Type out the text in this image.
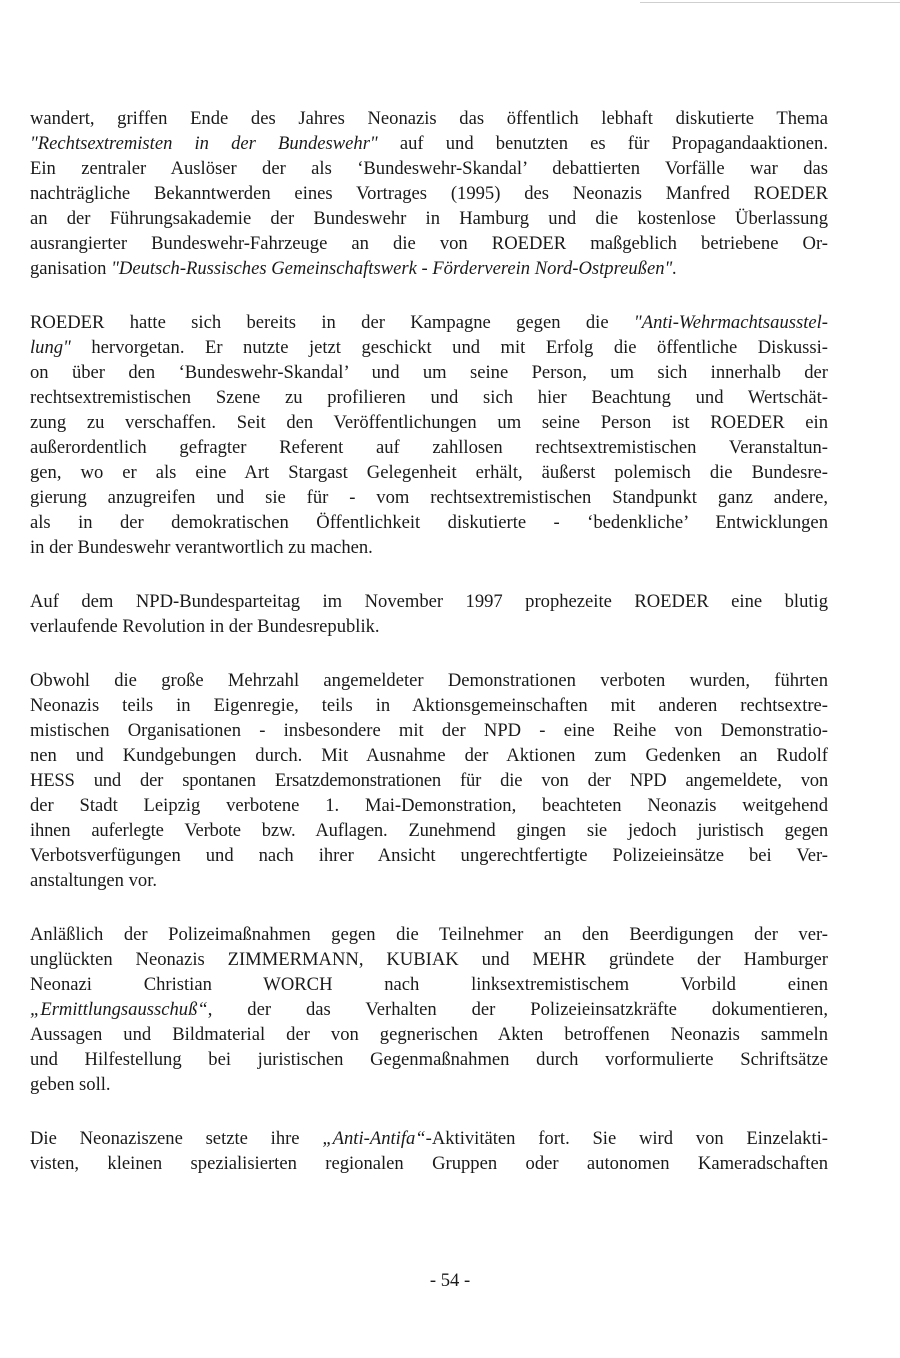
wandert, griffen Ende des Jahres Neonazis das öffentlich lebhaft diskutierte Thema
"Rechtsextremisten in der Bundeswehr" auf und benutzten es für Propagandaaktionen.
Ein zentraler Auslöser der als ‘Bundeswehr-Skandal’ debattierten Vorfälle war das
nachträgliche Bekanntwerden eines Vortrages (1995) des Neonazis Manfred ROEDER
an der Führungsakademie der Bundeswehr in Hamburg und die kostenlose Überlassung
ausrangierter Bundeswehr-Fahrzeuge an die von ROEDER maßgeblich betriebene Or-
ganisation "Deutsch-Russisches Gemeinschaftswerk - Förderverein Nord-Ostpreußen".

ROEDER hatte sich bereits in der Kampagne gegen die "Anti-Wehrmachtsausstel-
lung" hervorgetan. Er nutzte jetzt geschickt und mit Erfolg die öffentliche Diskussi-
on über den ‘Bundeswehr-Skandal’ und um seine Person, um sich innerhalb der
rechtsextremistischen Szene zu profilieren und sich hier Beachtung und Wertschät-
zung zu verschaffen. Seit den Veröffentlichungen um seine Person ist ROEDER ein
außerordentlich gefragter Referent auf zahllosen rechtsextremistischen Veranstaltun-
gen, wo er als eine Art Stargast Gelegenheit erhält, äußerst polemisch die Bundesre-
gierung anzugreifen und sie für - vom rechtsextremistischen Standpunkt ganz andere,
als in der demokratischen Öffentlichkeit diskutierte - ‘bedenkliche’ Entwicklungen
in der Bundeswehr verantwortlich zu machen.

Auf dem NPD-Bundesparteitag im November 1997 prophezeite ROEDER eine blutig
verlaufende Revolution in der Bundesrepublik.

Obwohl die große Mehrzahl angemeldeter Demonstrationen verboten wurden, führten
Neonazis teils in Eigenregie, teils in Aktionsgemeinschaften mit anderen rechtsextre-
mistischen Organisationen - insbesondere mit der NPD - eine Reihe von Demonstratio-
nen und Kundgebungen durch. Mit Ausnahme der Aktionen zum Gedenken an Rudolf
HESS und der spontanen Ersatzdemonstrationen für die von der NPD angemeldete, von
der Stadt Leipzig verbotene 1. Mai-Demonstration, beachteten Neonazis weitgehend
ihnen auferlegte Verbote bzw. Auflagen. Zunehmend gingen sie jedoch juristisch gegen
Verbotsverfügungen und nach ihrer Ansicht ungerechtfertigte Polizeieinsätze bei Ver-
anstaltungen vor.

Anläßlich der Polizeimaßnahmen gegen die Teilnehmer an den Beerdigungen der ver-
unglückten Neonazis ZIMMERMANN, KUBIAK und MEHR gründete der Hamburger
Neonazi Christian WORCH nach linksextremistischem Vorbild einen
„Ermittlungsausschuß“, der das Verhalten der Polizeieinsatzkräfte dokumentieren,
Aussagen und Bildmaterial der von gegnerischen Akten betroffenen Neonazis sammeln
und Hilfestellung bei juristischen Gegenmaßnahmen durch vorformulierte Schriftsätze
geben soll.

Die Neonaziszene setzte ihre „Anti-Antifa“-Aktivitäten fort. Sie wird von Einzelakti-
visten, kleinen spezialisierten regionalen Gruppen oder autonomen Kameradschaften

- 54 -
